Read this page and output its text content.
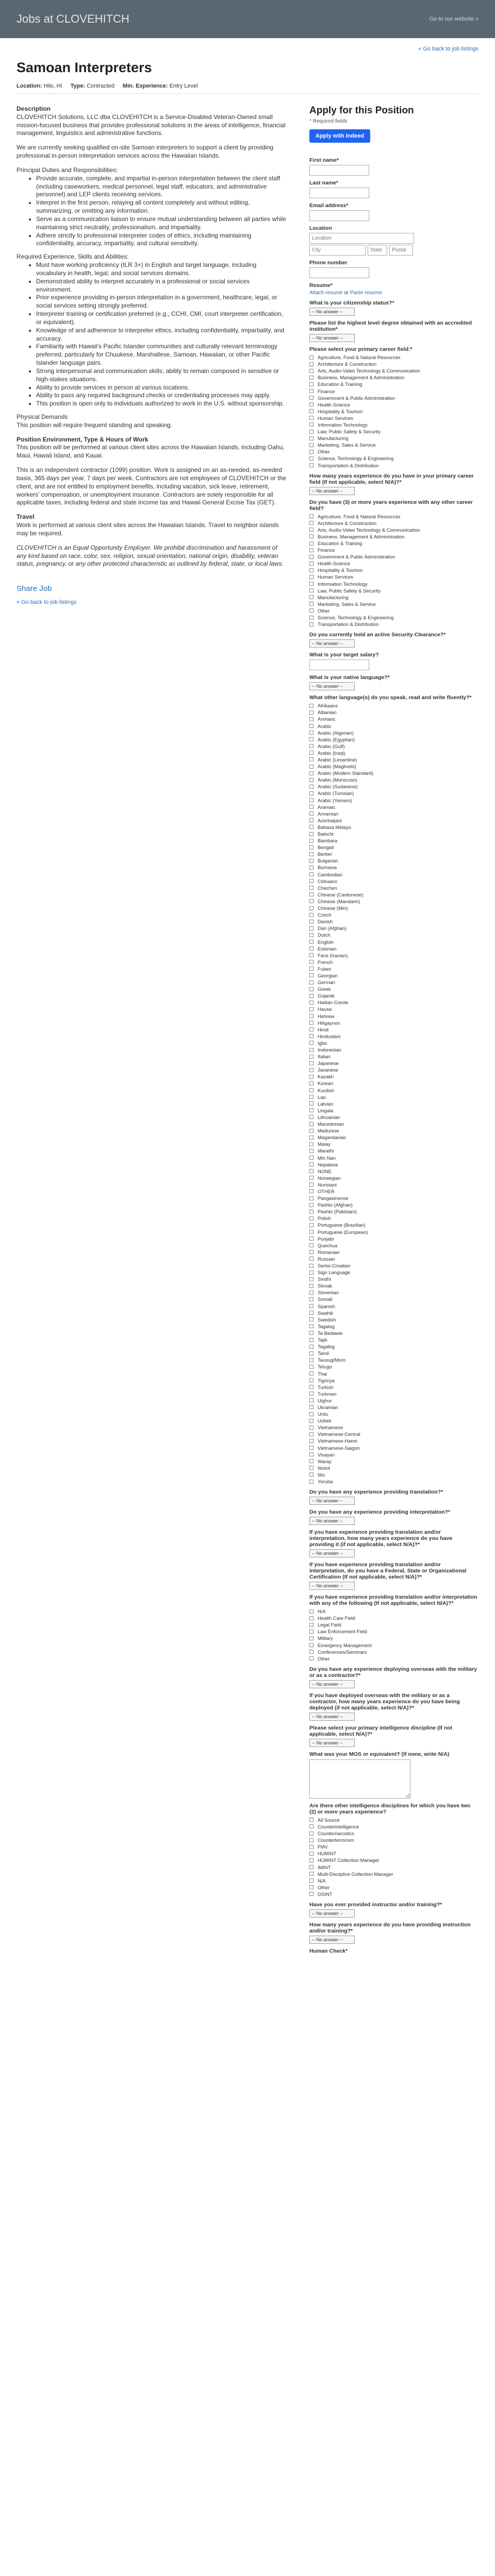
Jobs at CLOVEHITCH	Go to our website »
« Go back to job listings
Samoan Interpreters
Location: Hilo, HI Type: Contracted Min. Experience: Entry Level
Description

CLOVEHITCH Solutions, LLC dba CLOVEHITCH is a Service-Disabled Veteran-Owned small mission-focused business that provides professional solutions in the areas of intelligence, financial management, linguistics and administrative functions.

We are currently seeking qualified on-site Samoan interpreters to support a client by providing professional in-person interpretation services across the Hawaiian Islands.

Principal Duties and Responsibilities:

• Provide accurate, complete, and impartial in-person interpretation between the client staff (including caseworkers, medical personnel, legal staff, educators, and administrative personnel) and LEP clients receiving services.
• Interpret in the first person, relaying all content completely and without editing, summarizing, or omitting any information.
• Serve as a communication liaison to ensure mutual understanding between all parties while maintaining strict neutrality, professionalism, and impartiality.
• Adhere strictly to professional interpreter codes of ethics, including maintaining confidentiality, accuracy, impartiality, and cultural sensitivity.

Required Experience, Skills and Abilities:

• Must have working proficiency (ILR 3+) in English and target language, including vocabulary in health, legal, and social services domains.
• Demonstrated ability to interpret accurately in a professional or social services environment.
• Prior experience providing in-person interpretation in a government, healthcare, legal, or social services setting strongly preferred.
• Interpreter training or certification preferred (e.g., CCHI, CMI, court interpreter certification, or equivalent).
• Knowledge of and adherence to interpreter ethics, including confidentiality, impartiality, and accuracy.
• Familiarity with Hawaii's Pacific Islander communities and culturally relevant terminology preferred, particularly for Chuukese, Marshallese, Samoan, Hawaiian, or other Pacific Islander language pairs.
• Strong interpersonal and communication skills; ability to remain composed in sensitive or high-stakes situations.
• Ability to provide services in person at various locations.
• Ability to pass any required background checks or credentialing processes may apply.
• This position is open only to individuals authorized to work in the U.S. without sponsorship.

Physical Demands

This position will require frequent standing and speaking.

Position Environment, Type & Hours of Work

This position will be performed at various client sites across the Hawaiian Islands, including Oahu, Maui, Hawaii Island, and Kauai.

This is an independent contractor (1099) position. Work is assigned on an as-needed, as-needed basis, 365 days per year, 7 days per week. Contractors are not employees of CLOVEHITCH or the client, and are not entitled to employment benefits, including vacation, sick leave, retirement, workers' compensation, or unemployment insurance. Contractors are solely responsible for all applicable taxes, including federal and state income tax and Hawaii General Excise Tax (GET).

Travel

Work is performed at various client sites across the Hawaiian Islands. Travel to neighbor islands may be required.

CLOVEHITCH is an Equal Opportunity Employer. We prohibit discrimination and harassment of any kind based on race, color, sex, religion, sexual orientation, national origin, disability, veteran status, pregnancy, or any other protected characteristic as outlined by federal, state, or local laws.

Share Job
« Go back to job listings
Apply for this Position
* Required fields
Apply with Indeed
First name*
Last name*
Email address*
Location
Location
City
State
Postal
Phone number
Resume*
Attach resume or Paste resume
What is your citizenship status?*
-- No answer --
Please list the highest level degree obtained with an accredited institution*
-- No answer --
Please select your primary career field:*
Agriculture, Food & Natural Resources
Architecture & Construction
Arts, Audio-Video Technology & Communication
Business, Management & Administration
Education & Training
Finance
Government & Public Administration
Health Science
Hospitality & Tourism
Human Services
Information Technology
Law, Public Safety & Security
Manufacturing
Marketing, Sales & Service
Other
Science, Technology & Engineering
Transportation & Distribution
How many years experience do you have in your primary career field (If not applicable, select N/A)?*
-- No answer --
Do you have (3) or more years experience with any other career field?
Agriculture, Food & Natural Resources
Architecture & Construction
Arts, Audio-Video Technology & Communication
Business, Management & Administration
Education & Training
Finance
Government & Public Administration
Health Science
Hospitality & Tourism
Human Services
Information Technology
Law, Public Safety & Security
Manufacturing
Marketing, Sales & Service
Other
Science, Technology & Engineering
Transportation & Distribution
Do you currently hold an active Security Clearance?*
-- No answer --
What is your target salary?
What is your native language?*
-- No answer --
What other language(s) do you speak, read and write fluently?*
Afrikaans
Albanian
Amharic
Arabic
Arabic (Algerian)
Arabic (Egyptian)
Arabic (Gulf)
Arabic (Iraqi)
Arabic (Levantine)
Arabic (Maghrebi)
Arabic (Modern Standard)
Arabic (Moroccan)
Arabic (Sudanese)
Arabic (Tunisian)
Arabic (Yemeni)
Aramaic
Armenian
Azerbaijani
Bahasa Melayu
Balochi
Bambara
Bengali
Berber
Bulgarian
Burmese
Cambodian
Cebuano
Chechen
Chinese (Cantonese)
Chinese (Mandarin)
Chinese (Min)
Czech
Danish
Dari (Afghan)
Dutch
English
Estonian
Farsi (Iranian)
French
Fulani
Georgian
German
Greek
Gujarati
Haitian Creole
Hausa
Hebrew
Hiligaynon
Hindi
Hindustani
Igbo
Indonesian
Italian
Japanese
Javanese
Kazakh
Korean
Kurdish
Lao
Latvian
Lingala
Lithuanian
Macedonian
Madurese
Magandanao
Malay
Marathi
Min Nan
Nepalese
NONE
Norwegian
Nuristani
OTHER
Pangasinense
Pashto (Afghan)
Pashto (Pakistani)
Polish
Portuguese (Brazilian)
Portuguese (European)
Punjabi
Quechua
Romanian
Russian
Serbo-Croatian
Sign Language
Sindhi
Slovak
Slovenian
Somali
Spanish
Swahili
Swedish
Tagalog
Ta Bedawie
Tajik
Tagalog
Tamil
Tausug/Moro
Telugu
Thai
Tigrinya
Turkish
Turkmen
Uighur
Ukrainian
Urdu
Uzbek
Vietnamese
Vietnamese-Central
Vietnamese-Hanoi
Vietnamese-Saigon
Visayan
Waray
Wolof
Wu
Yoruba
Do you have any experience providing translation?*
-- No answer --
Do you have any experience providing interpretation?*
-- No answer --
If you have experience providing translation and/or interpretation, how many years experience do you have providing it (if not applicable, select N/A)?*
-- No answer --
If you have experience providing translation and/or interpretation, do you have a Federal, State or Organizational Certification (If not applicable, select N/A)?*
-- No answer --
If you have experience providing translation and/or interpretation with any of the following (If not applicable, select N/A)?*
N/A
Health Care Field
Legal Field
Law Enforcement Field
Military
Emergency Management
Conferences/Seminars
Other
Do you have any experience deploying overseas with the military or as a contractor?*
-- No answer --
If you have deployed overseas with the military or as a contractor, how many years experience do you have being deployed (if not applicable, select N/A)?*
-- No answer --
Please select your primary intelligence discipline (If not applicable, select N/A)?*
-- No answer --
What was your MOS or equivalent? (If none, write N/A)
Are there other intelligence disciplines for which you have two (2) or more years experience?
All Source
Counterintelligence
Counternarcotics
Counterterrorism
FMV
HUMINT
HUMINT Collection Manager
IMINT
Multi-Discipline Collection Manager
N/A
Other
OSINT
Have you ever provided instructor and/or training?*
-- No answer --
How many years experience do you have providing instruction and/or training?*
-- No answer --
Human Check*
